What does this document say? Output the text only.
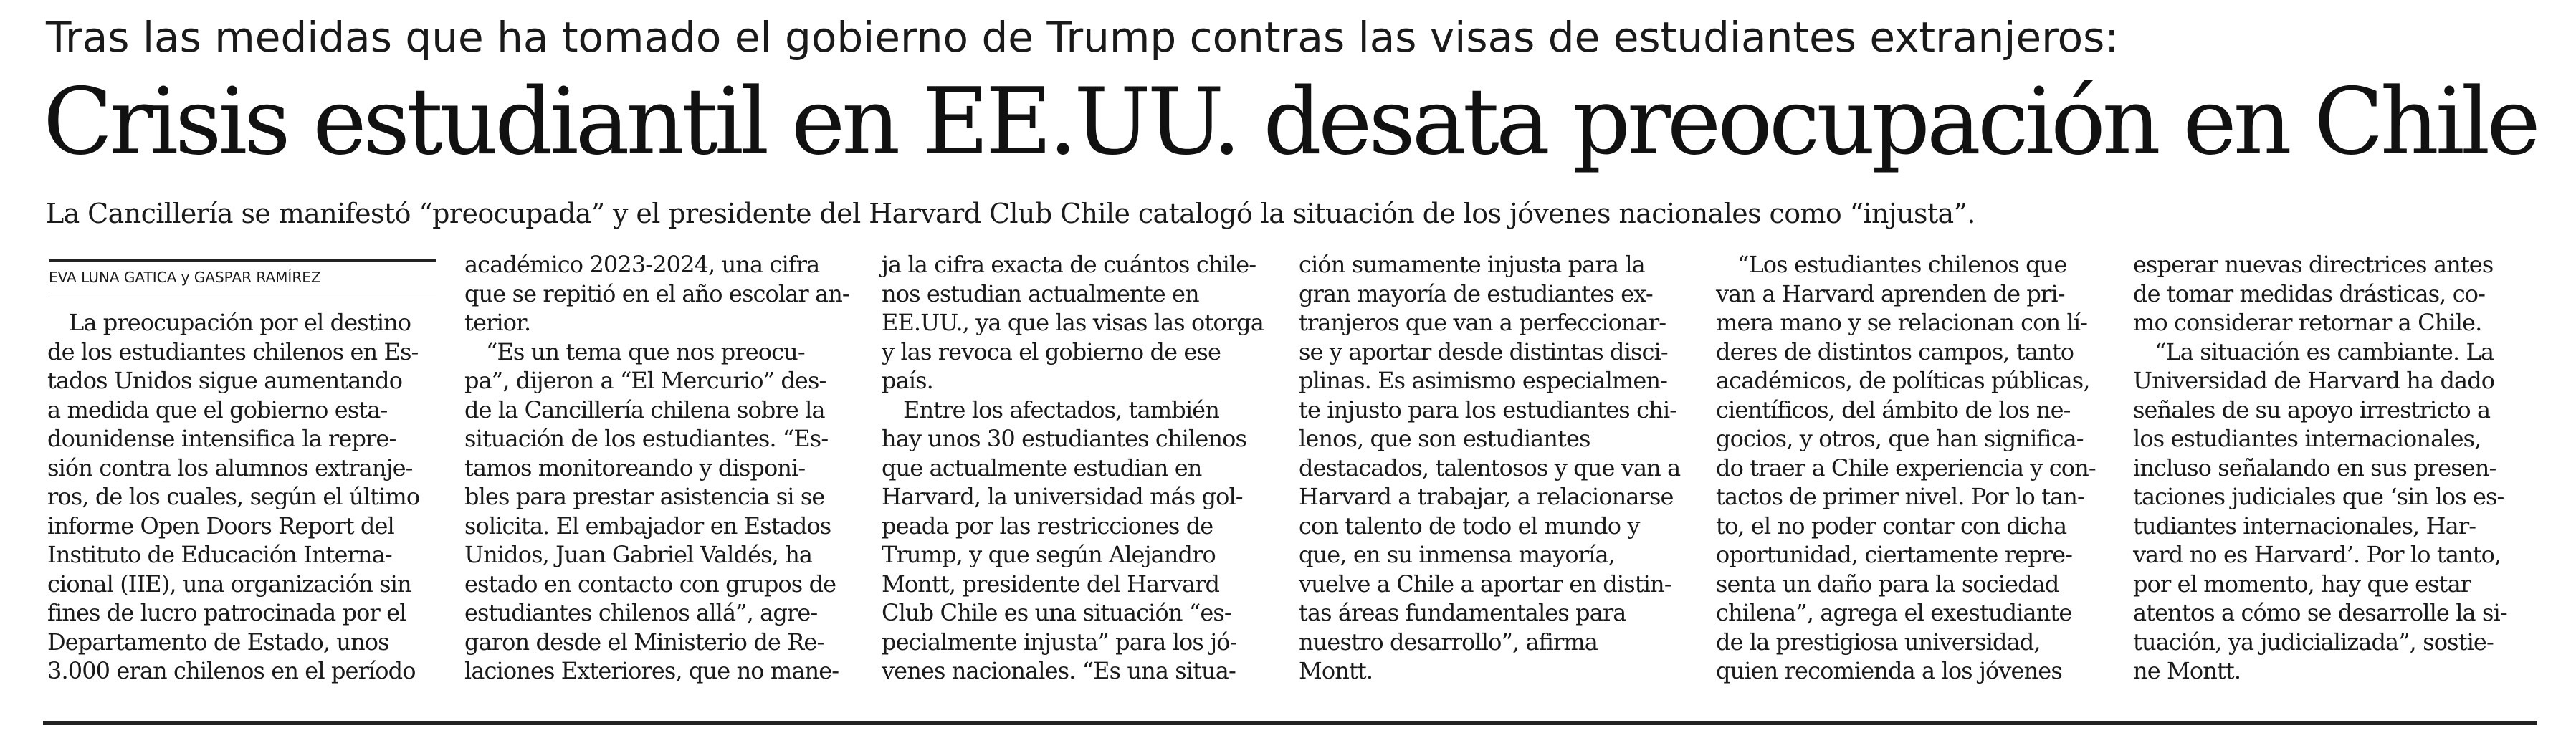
Tras las medidas que ha tomado el gobierno de Trump contras las visas de estudiantes extranjeros:
Crisis estudiantil en EE.UU. desata preocupación en Chile
La Cancillería se manifestó “preocupada” y el presidente del Harvard Club Chile catalogó la situación de los jóvenes nacionales como “injusta”.
EVA LUNA GATICA y GASPAR RAMÍREZ
La preocupación por el destino
de los estudiantes chilenos en Es-
tados Unidos sigue aumentando
a medida que el gobierno esta-
dounidense intensifica la repre-
sión contra los alumnos extranje-
ros, de los cuales, según el último
informe Open Doors Report del
Instituto de Educación Interna-
cional (IIE), una organización sin
fines de lucro patrocinada por el
Departamento de Estado, unos
3.000 eran chilenos en el período
académico 2023-2024, una cifra
que se repitió en el año escolar an-
terior.
“Es un tema que nos preocu-
pa”, dijeron a “El Mercurio” des-
de la Cancillería chilena sobre la
situación de los estudiantes. “Es-
tamos monitoreando y disponi-
bles para prestar asistencia si se
solicita. El embajador en Estados
Unidos, Juan Gabriel Valdés, ha
estado en contacto con grupos de
estudiantes chilenos allá”, agre-
garon desde el Ministerio de Re-
laciones Exteriores, que no mane-
ja la cifra exacta de cuántos chile-
nos estudian actualmente en
EE.UU., ya que las visas las otorga
y las revoca el gobierno de ese
país.
Entre los afectados, también
hay unos 30 estudiantes chilenos
que actualmente estudian en
Harvard, la universidad más gol-
peada por las restricciones de
Trump, y que según Alejandro
Montt, presidente del Harvard
Club Chile es una situación “es-
pecialmente injusta” para los jó-
venes nacionales. “Es una situa-
ción sumamente injusta para la
gran mayoría de estudiantes ex-
tranjeros que van a perfeccionar-
se y aportar desde distintas disci-
plinas. Es asimismo especialmen-
te injusto para los estudiantes chi-
lenos, que son estudiantes
destacados, talentosos y que van a
Harvard a trabajar, a relacionarse
con talento de todo el mundo y
que, en su inmensa mayoría,
vuelve a Chile a aportar en distin-
tas áreas fundamentales para
nuestro desarrollo”, afirma
Montt.
“Los estudiantes chilenos que
van a Harvard aprenden de pri-
mera mano y se relacionan con lí-
deres de distintos campos, tanto
académicos, de políticas públicas,
científicos, del ámbito de los ne-
gocios, y otros, que han significa-
do traer a Chile experiencia y con-
tactos de primer nivel. Por lo tan-
to, el no poder contar con dicha
oportunidad, ciertamente repre-
senta un daño para la sociedad
chilena”, agrega el exestudiante
de la prestigiosa universidad,
quien recomienda a los jóvenes
esperar nuevas directrices antes
de tomar medidas drásticas, co-
mo considerar retornar a Chile.
“La situación es cambiante. La
Universidad de Harvard ha dado
señales de su apoyo irrestricto a
los estudiantes internacionales,
incluso señalando en sus presen-
taciones judiciales que ‘sin los es-
tudiantes internacionales, Har-
vard no es Harvard’. Por lo tanto,
por el momento, hay que estar
atentos a cómo se desarrolle la si-
tuación, ya judicializada”, sostie-
ne Montt.
